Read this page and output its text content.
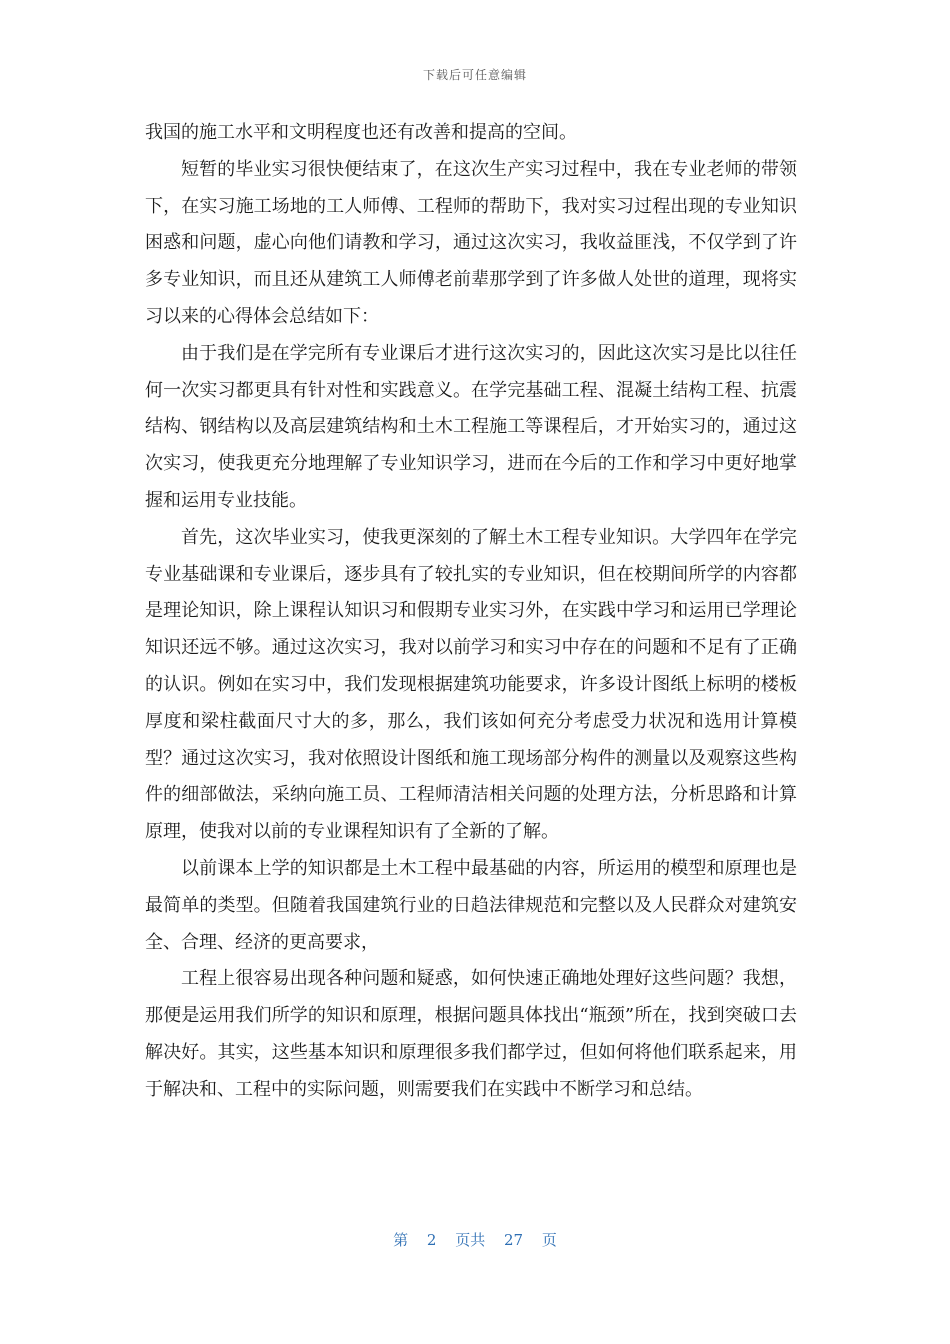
下载后可任意编辑

我国的施工水平和文明程度也还有改善和提高的空间。

短暂的毕业实习很快便结束了，在这次生产实习过程中，我在专业老师的带领下，在实习施工场地的工人师傅、工程师的帮助下，我对实习过程出现的专业知识困惑和问题，虚心向他们请教和学习，通过这次实习，我收益匪浅，不仅学到了许多专业知识，而且还从建筑工人师傅老前辈那学到了许多做人处世的道理，现将实习以来的心得体会总结如下：

由于我们是在学完所有专业课后才进行这次实习的，因此这次实习是比以往任何一次实习都更具有针对性和实践意义。在学完基础工程、混凝土结构工程、抗震结构、钢结构以及高层建筑结构和土木工程施工等课程后，才开始实习的，通过这次实习，使我更充分地理解了专业知识学习，进而在今后的工作和学习中更好地掌握和运用专业技能。

首先，这次毕业实习，使我更深刻的了解土木工程专业知识。大学四年在学完专业基础课和专业课后，逐步具有了较扎实的专业知识，但在校期间所学的内容都是理论知识，除上课程认知识习和假期专业实习外，在实践中学习和运用已学理论知识还远不够。通过这次实习，我对以前学习和实习中存在的问题和不足有了正确的认识。例如在实习中，我们发现根据建筑功能要求，许多设计图纸上标明的楼板厚度和梁柱截面尺寸大的多，那么，我们该如何充分考虑受力状况和选用计算模型？通过这次实习，我对依照设计图纸和施工现场部分构件的测量以及观察这些构件的细部做法，采纳向施工员、工程师清洁相关问题的处理方法，分析思路和计算原理，使我对以前的专业课程知识有了全新的了解。

以前课本上学的知识都是土木工程中最基础的内容，所运用的模型和原理也是最简单的类型。但随着我国建筑行业的日趋法律规范和完整以及人民群众对建筑安全、合理、经济的更高要求，

工程上很容易出现各种问题和疑惑，如何快速正确地处理好这些问题？我想，那便是运用我们所学的知识和原理，根据问题具体找出“瓶颈”所在，找到突破口去解决好。其实，这些基本知识和原理很多我们都学过，但如何将他们联系起来，用于解决和、工程中的实际问题，则需要我们在实践中不断学习和总结。

第 2 页共 27 页
